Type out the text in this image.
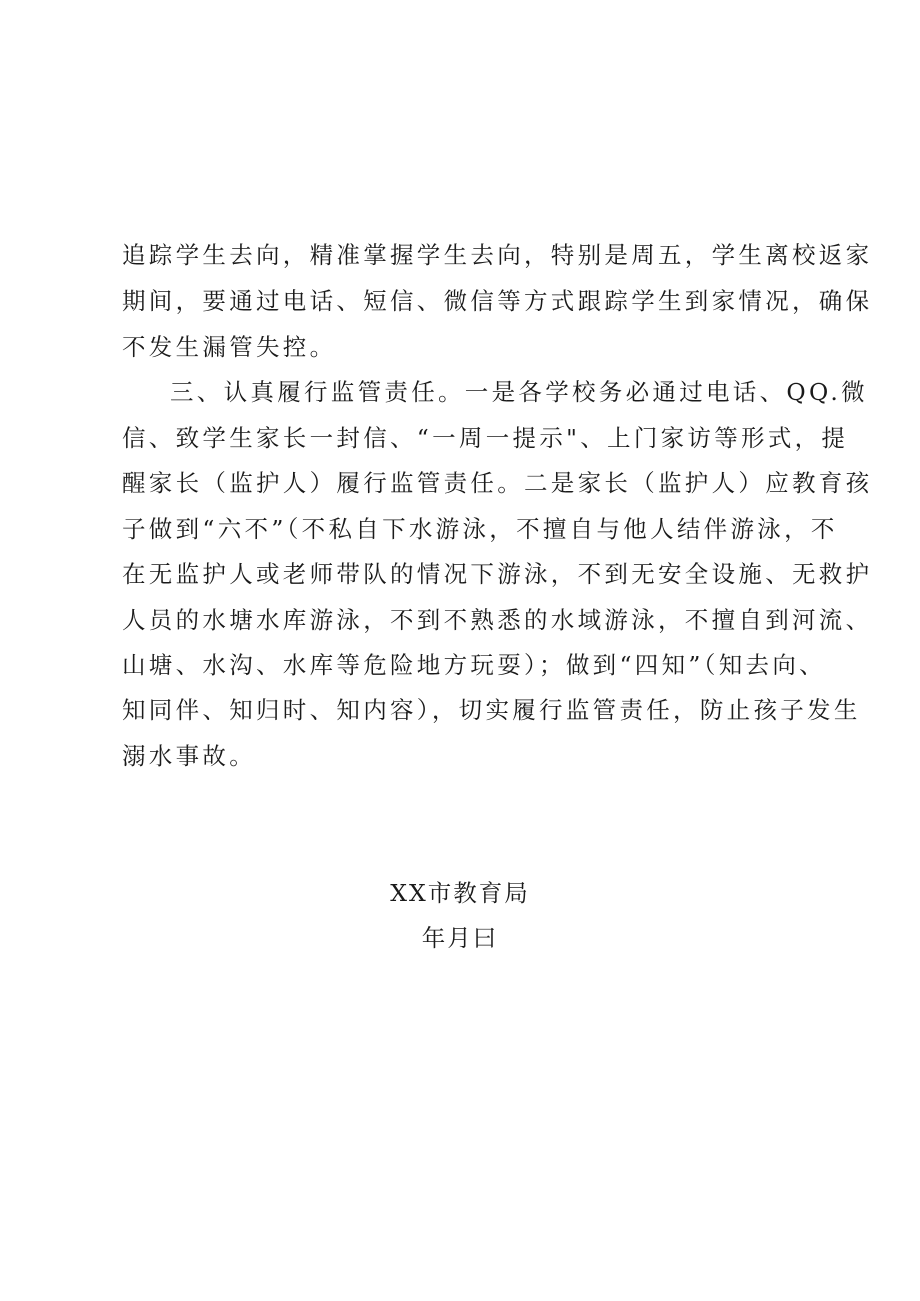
追踪学生去向，精准掌握学生去向，特别是周五，学生离校返家
期间，要通过电话、短信、微信等方式跟踪学生到家情况，确保
不发生漏管失控。
三、认真履行监管责任。一是各学校务必通过电话、QQ.微
信、致学生家长一封信、“一周一提示"、上门家访等形式，提
醒家长（监护人）履行监管责任。二是家长（监护人）应教育孩
子做到“六不”（不私自下水游泳，不擅自与他人结伴游泳，不
在无监护人或老师带队的情况下游泳，不到无安全设施、无救护
人员的水塘水库游泳，不到不熟悉的水域游泳，不擅自到河流、
山塘、水沟、水库等危险地方玩耍）；做到“四知”（知去向、
知同伴、知归时、知内容），切实履行监管责任，防止孩子发生
溺水事故。
XX市教育局
年月曰
